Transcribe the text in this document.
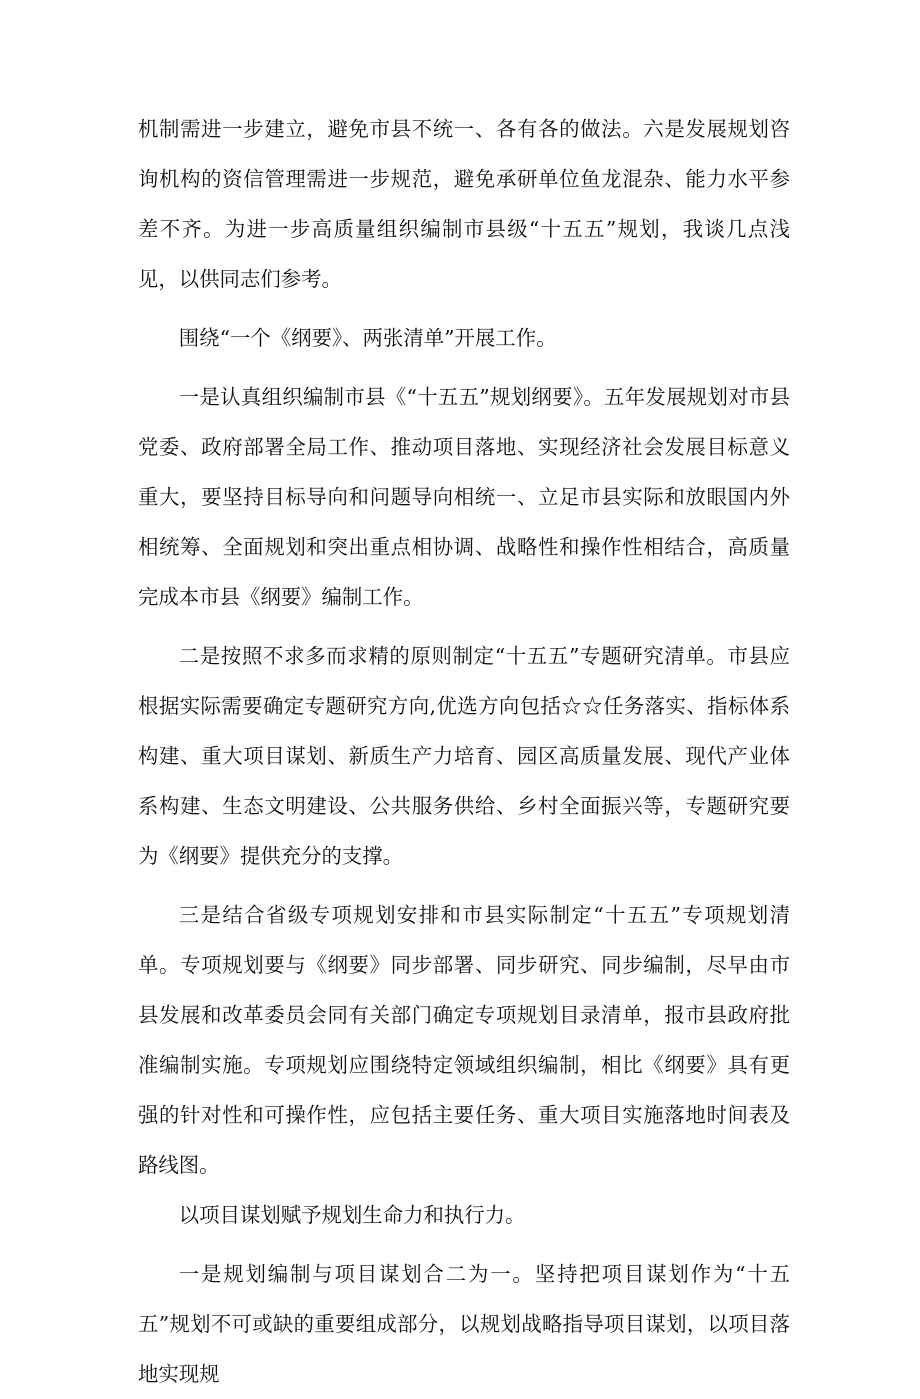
机制需进一步建立，避免市县不统一、各有各的做法。六是发展规划咨询机构的资信管理需进一步规范，避免承研单位鱼龙混杂、能力水平参差不齐。为进一步高质量组织编制市县级“十五五”规划，我谈几点浅见，以供同志们参考。

围绕“一个《纲要》、两张清单”开展工作。

一是认真组织编制市县《“十五五”规划纲要》。五年发展规划对市县党委、政府部署全局工作、推动项目落地、实现经济社会发展目标意义重大，要坚持目标导向和问题导向相统一、立足市县实际和放眼国内外相统筹、全面规划和突出重点相协调、战略性和操作性相结合，高质量完成本市县《纲要》编制工作。

二是按照不求多而求精的原则制定“十五五”专题研究清单。市县应根据实际需要确定专题研究方向,优选方向包括☆☆任务落实、指标体系构建、重大项目谋划、新质生产力培育、园区高质量发展、现代产业体系构建、生态文明建设、公共服务供给、乡村全面振兴等，专题研究要为《纲要》提供充分的支撑。

三是结合省级专项规划安排和市县实际制定“十五五”专项规划清单。专项规划要与《纲要》同步部署、同步研究、同步编制，尽早由市县发展和改革委员会同有关部门确定专项规划目录清单，报市县政府批准编制实施。专项规划应围绕特定领域组织编制，相比《纲要》具有更强的针对性和可操作性，应包括主要任务、重大项目实施落地时间表及路线图。

以项目谋划赋予规划生命力和执行力。

一是规划编制与项目谋划合二为一。坚持把项目谋划作为“十五五”规划不可或缺的重要组成部分，以规划战略指导项目谋划，以项目落地实现规
